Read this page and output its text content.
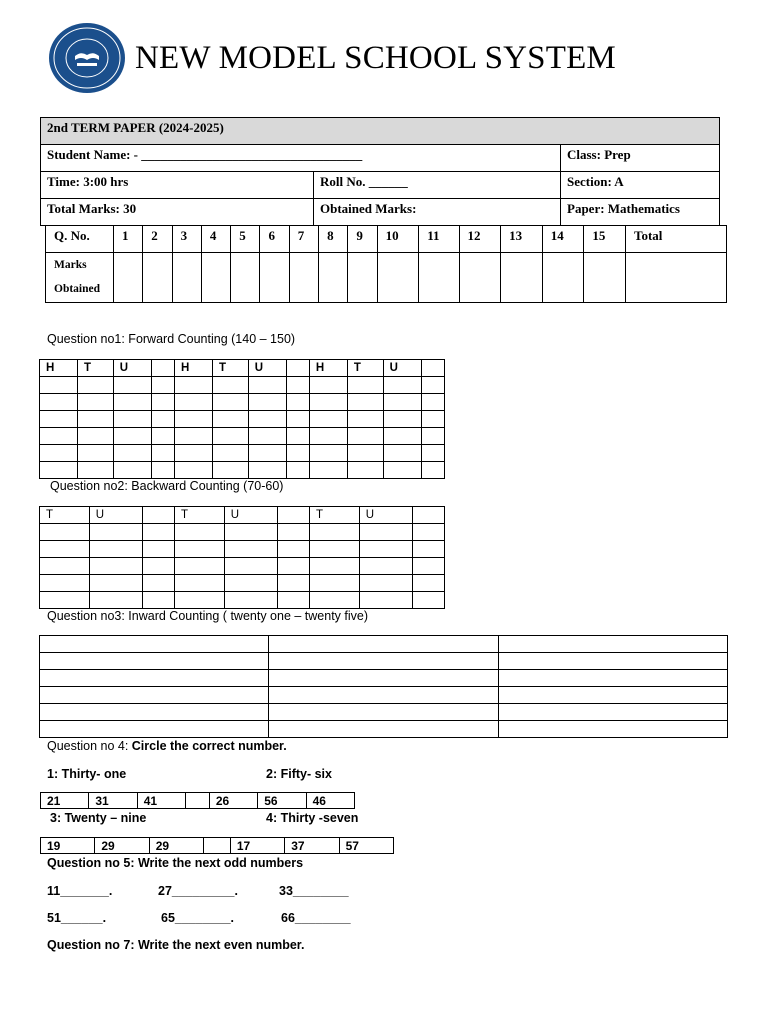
NEW MODEL SCHOOL SYSTEM
2nd TERM PAPER (2024-2025)		
Student Name: - __________________________________		Class: Prep
Time: 3:00 hrs	Roll No. ______	Section: A
Total Marks: 30	Obtained Marks:	Paper: Mathematics
Q. No.	1	2	3	4	5	6	7	8	9	10	11	12	13	14	15	Total
Marks
Obtained																
Question no1: Forward Counting (140 – 150)
H	T	U		H	T	U		H	T	U	

Question no2: Backward Counting (70-60)
T	U		T	U		T	U	

Question no3: Inward Counting ( twenty one – twenty five)

Question no 4: Circle the correct number.
1: Thirty- one	2: Fifty- six
21	31	41		26	56	46
3: Twenty – nine	4: Thirty -seven
19	29	29		17	37	57
Question no 5: Write the next odd numbers
11_______.	27_________.	33________
51______.	65________.	66________
Question no 7: Write the next even number.
